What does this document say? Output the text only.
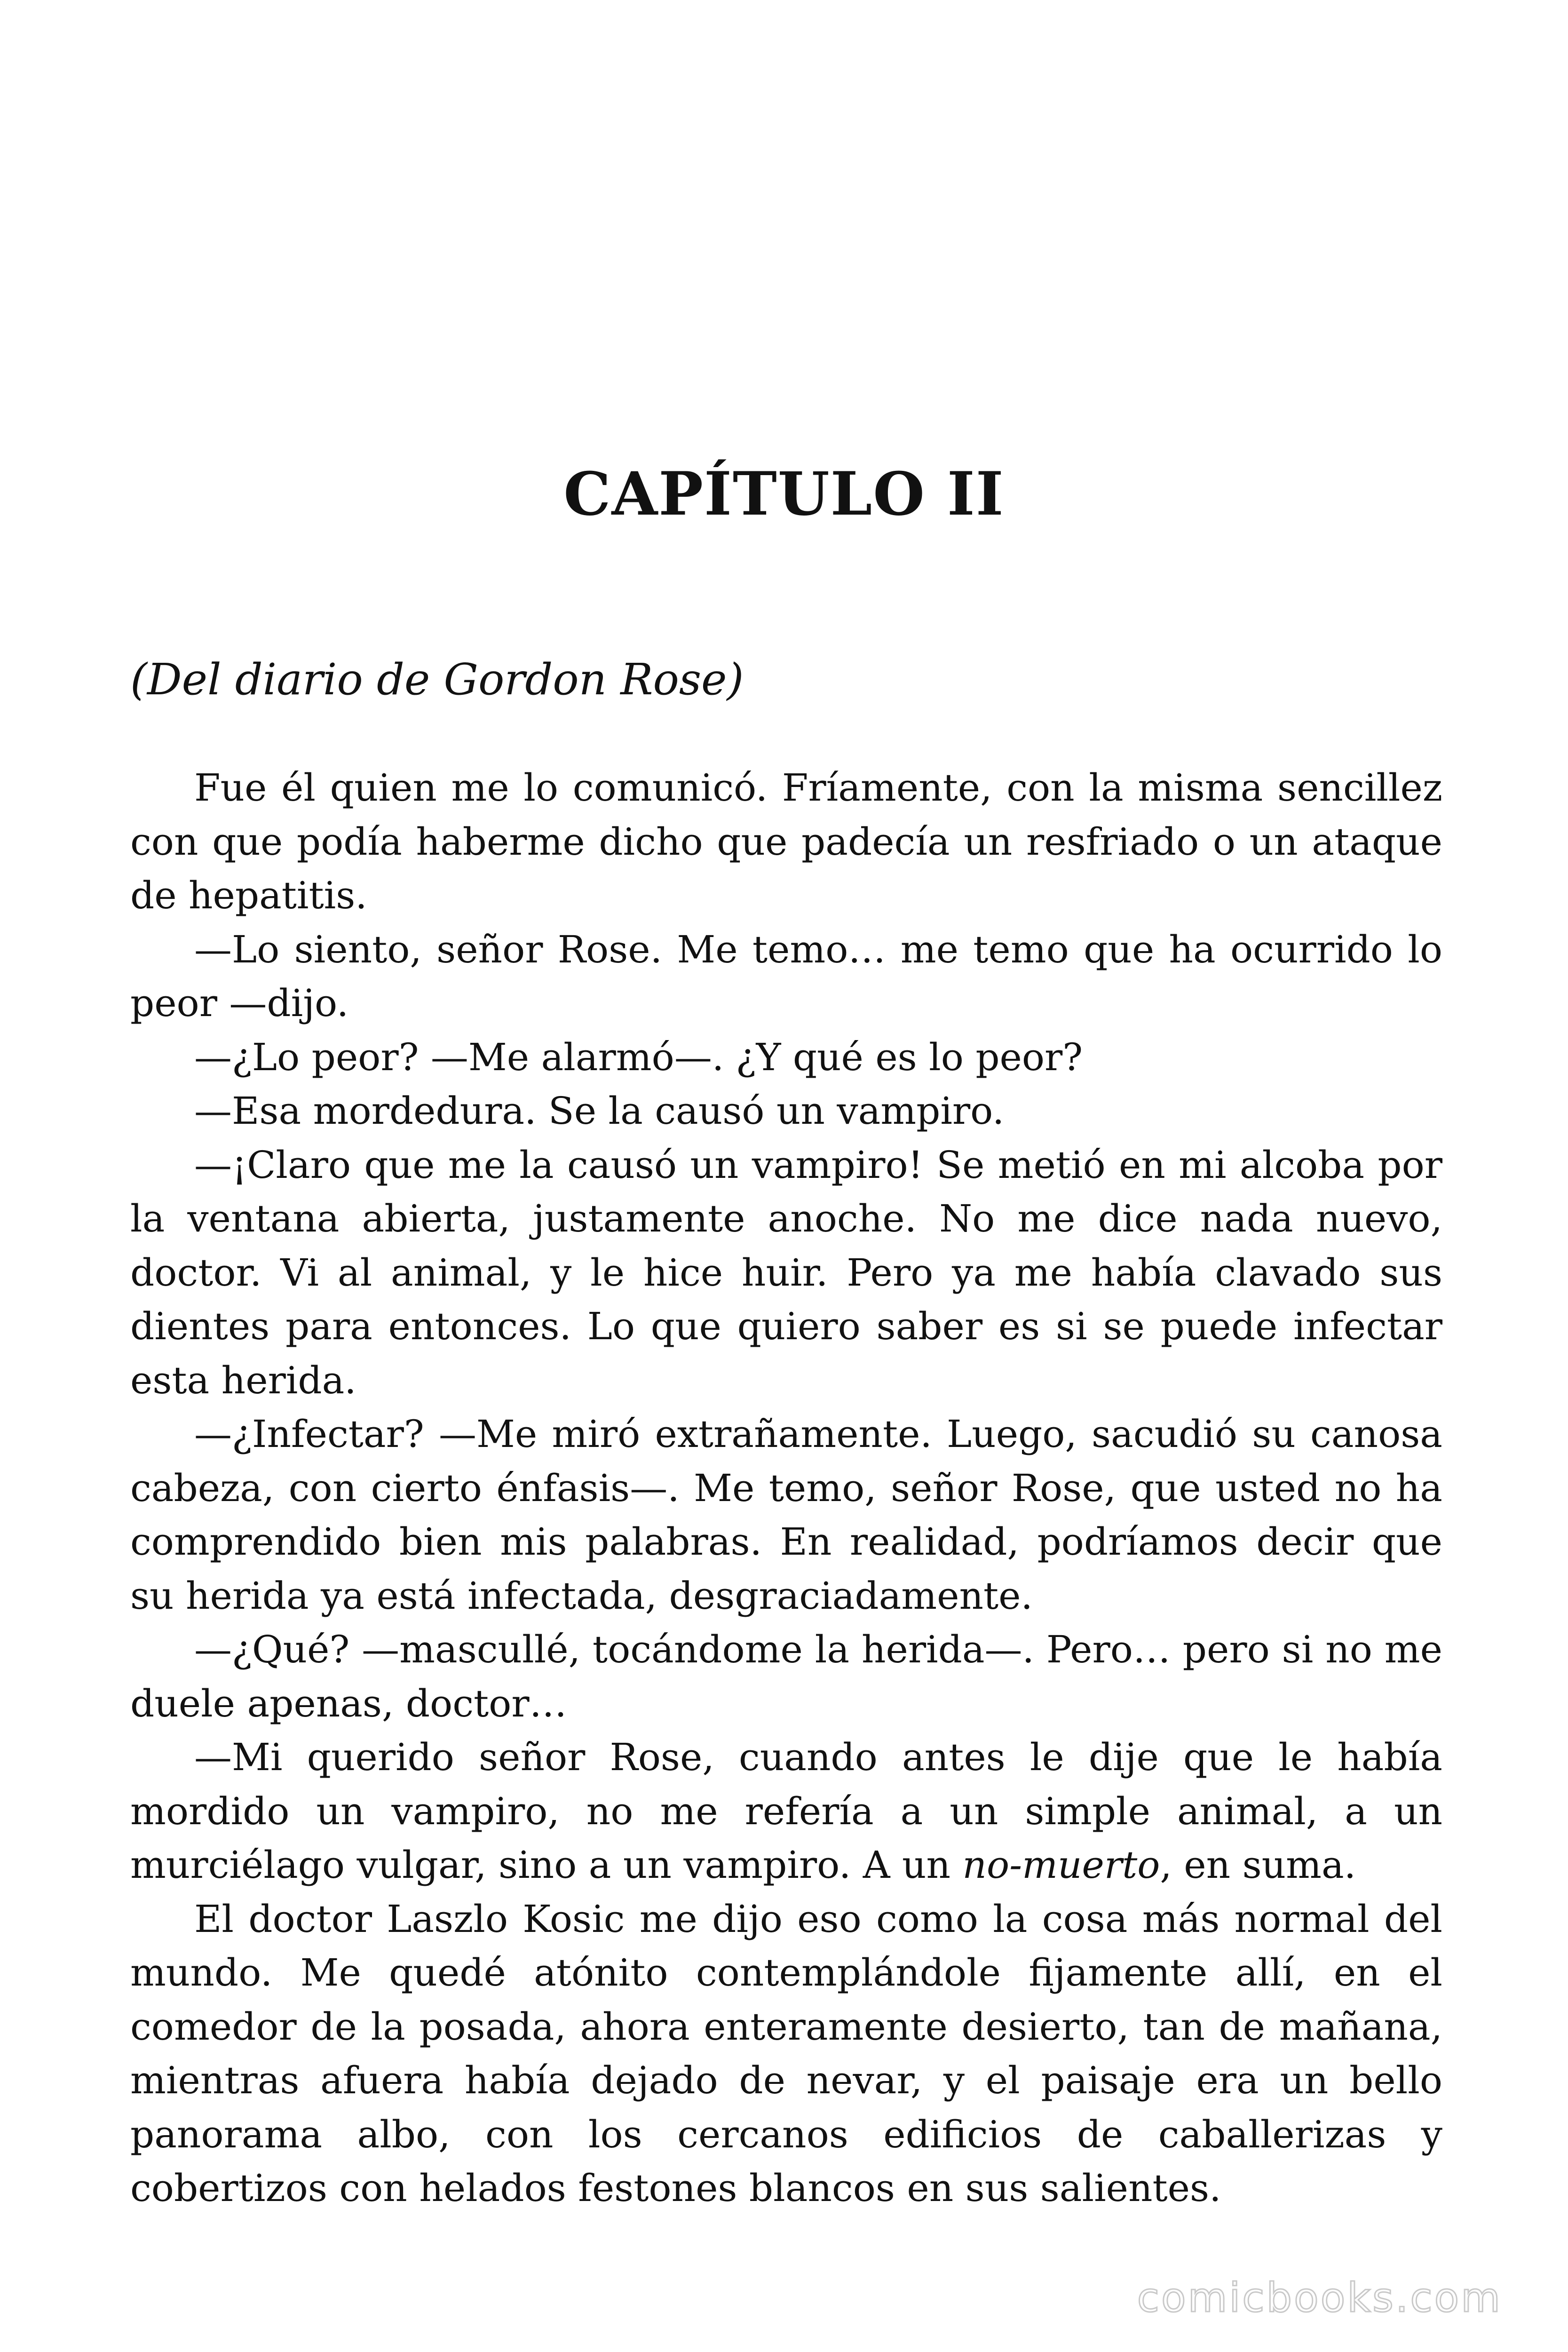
CAPÍTULO II

(Del diario de Gordon Rose)

Fue él quien me lo comunicó. Fríamente, con la misma sencillez con que podía haberme dicho que padecía un resfriado o un ataque de hepatitis.

—Lo siento, señor Rose. Me temo… me temo que ha ocurrido lo peor —dijo.

—¿Lo peor? —Me alarmó—. ¿Y qué es lo peor?

—Esa mordedura. Se la causó un vampiro.

—¡Claro que me la causó un vampiro! Se metió en mi alcoba por la ventana abierta, justamente anoche. No me dice nada nuevo, doctor. Vi al animal, y le hice huir. Pero ya me había clavado sus dientes para entonces. Lo que quiero saber es si se puede infectar esta herida.

—¿Infectar? —Me miró extrañamente. Luego, sacudió su canosa cabeza, con cierto énfasis—. Me temo, señor Rose, que usted no ha comprendido bien mis palabras. En realidad, podríamos decir que su herida ya está infectada, desgraciadamente.

—¿Qué? —mascullé, tocándome la herida—. Pero… pero si no me duele apenas, doctor…

—Mi querido señor Rose, cuando antes le dije que le había mordido un vampiro, no me refería a un simple animal, a un murciélago vulgar, sino a un vampiro. A un no-muerto, en suma.

El doctor Laszlo Kosic me dijo eso como la cosa más normal del mundo. Me quedé atónito contemplándole fijamente allí, en el comedor de la posada, ahora enteramente desierto, tan de mañana, mientras afuera había dejado de nevar, y el paisaje era un bello panorama albo, con los cercanos edificios de caballerizas y cobertizos con helados festones blancos en sus salientes.

comicbooks.com
